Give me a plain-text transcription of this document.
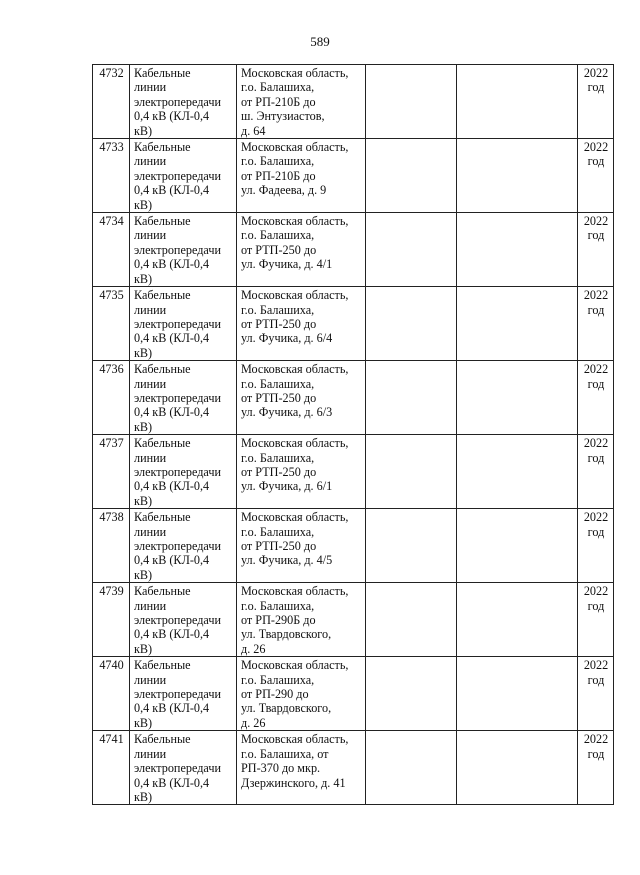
589
4732	Кабельные
линии
электропередачи
0,4 кВ (КЛ-0,4
кВ)	Московская область,
г.о. Балашиха,
от РП-210Б до
ш. Энтузиастов,
д. 64			2022
год

4733	Кабельные
линии
электропередачи
0,4 кВ (КЛ-0,4
кВ)	Московская область,
г.о. Балашиха,
от РП-210Б до
ул. Фадеева, д. 9			2022
год

4734	Кабельные
линии
электропередачи
0,4 кВ (КЛ-0,4
кВ)	Московская область,
г.о. Балашиха,
от РТП-250 до
ул. Фучика, д. 4/1			2022
год

4735	Кабельные
линии
электропередачи
0,4 кВ (КЛ-0,4
кВ)	Московская область,
г.о. Балашиха,
от РТП-250 до
ул. Фучика, д. 6/4			2022
год

4736	Кабельные
линии
электропередачи
0,4 кВ (КЛ-0,4
кВ)	Московская область,
г.о. Балашиха,
от РТП-250 до
ул. Фучика, д. 6/3			2022
год

4737	Кабельные
линии
электропередачи
0,4 кВ (КЛ-0,4
кВ)	Московская область,
г.о. Балашиха,
от РТП-250 до
ул. Фучика, д. 6/1			2022
год

4738	Кабельные
линии
электропередачи
0,4 кВ (КЛ-0,4
кВ)	Московская область,
г.о. Балашиха,
от РТП-250 до
ул. Фучика, д. 4/5			2022
год

4739	Кабельные
линии
электропередачи
0,4 кВ (КЛ-0,4
кВ)	Московская область,
г.о. Балашиха,
от РП-290Б до
ул. Твардовского,
д. 26			2022
год

4740	Кабельные
линии
электропередачи
0,4 кВ (КЛ-0,4
кВ)	Московская область,
г.о. Балашиха,
от РП-290 до
ул. Твардовского,
д. 26			2022
год

4741	Кабельные
линии
электропередачи
0,4 кВ (КЛ-0,4
кВ)	Московская область,
г.о. Балашиха, от
РП-370 до мкр.
Дзержинского, д. 41			2022
год
